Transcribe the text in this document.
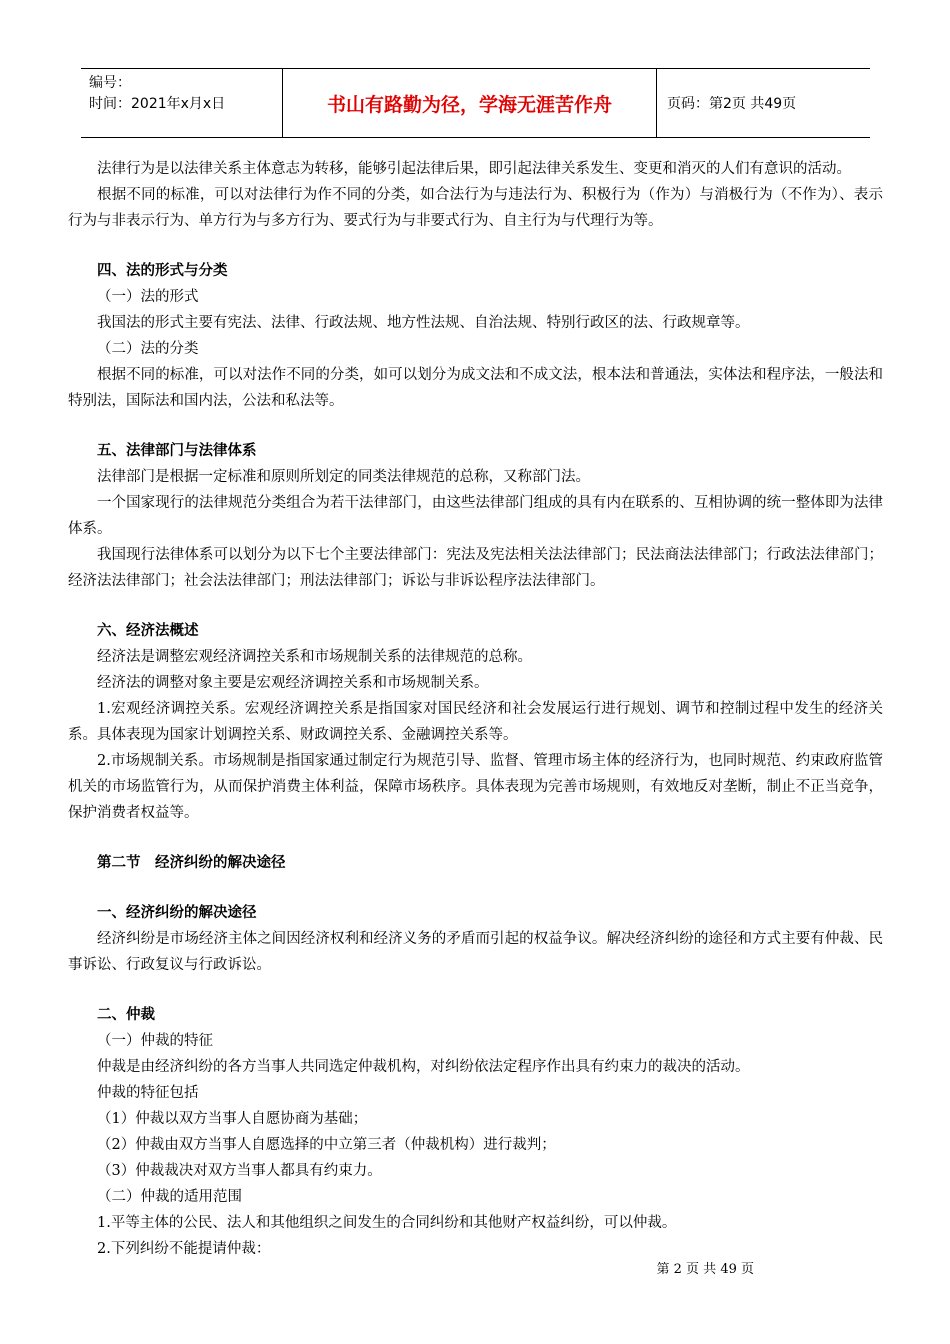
编号：
时间：2021年x月x日	书山有路勤为径，学海无涯苦作舟	页码：第2页 共49页

法律行为是以法律关系主体意志为转移，能够引起法律后果，即引起法律关系发生、变更和消灭的人们有意识的活动。

根据不同的标准，可以对法律行为作不同的分类，如合法行为与违法行为、积极行为（作为）与消极行为（不作为）、表示行为与非表示行为、单方行为与多方行为、要式行为与非要式行为、自主行为与代理行为等。

四、法的形式与分类

（一）法的形式

我国法的形式主要有宪法、法律、行政法规、地方性法规、自治法规、特别行政区的法、行政规章等。

（二）法的分类

根据不同的标准，可以对法作不同的分类，如可以划分为成文法和不成文法，根本法和普通法，实体法和程序法，一般法和特别法，国际法和国内法，公法和私法等。

五、法律部门与法律体系

法律部门是根据一定标准和原则所划定的同类法律规范的总称，又称部门法。

一个国家现行的法律规范分类组合为若干法律部门，由这些法律部门组成的具有内在联系的、互相协调的统一整体即为法律体系。

我国现行法律体系可以划分为以下七个主要法律部门：宪法及宪法相关法法律部门；民法商法法律部门；行政法法律部门；经济法法律部门；社会法法律部门；刑法法律部门；诉讼与非诉讼程序法法律部门。

六、经济法概述

经济法是调整宏观经济调控关系和市场规制关系的法律规范的总称。

经济法的调整对象主要是宏观经济调控关系和市场规制关系。

1.宏观经济调控关系。宏观经济调控关系是指国家对国民经济和社会发展运行进行规划、调节和控制过程中发生的经济关系。具体表现为国家计划调控关系、财政调控关系、金融调控关系等。

2.市场规制关系。市场规制是指国家通过制定行为规范引导、监督、管理市场主体的经济行为，也同时规范、约束政府监管机关的市场监管行为，从而保护消费主体利益，保障市场秩序。具体表现为完善市场规则，有效地反对垄断，制止不正当竞争，保护消费者权益等。

第二节　经济纠纷的解决途径

一、经济纠纷的解决途径

经济纠纷是市场经济主体之间因经济权利和经济义务的矛盾而引起的权益争议。解决经济纠纷的途径和方式主要有仲裁、民事诉讼、行政复议与行政诉讼。

二、仲裁

（一）仲裁的特征

仲裁是由经济纠纷的各方当事人共同选定仲裁机构，对纠纷依法定程序作出具有约束力的裁决的活动。

仲裁的特征包括

（1）仲裁以双方当事人自愿协商为基础；

（2）仲裁由双方当事人自愿选择的中立第三者（仲裁机构）进行裁判；

（3）仲裁裁决对双方当事人都具有约束力。

（二）仲裁的适用范围

1.平等主体的公民、法人和其他组织之间发生的合同纠纷和其他财产权益纠纷，可以仲裁。

2.下列纠纷不能提请仲裁：

第 2 页 共 49 页
